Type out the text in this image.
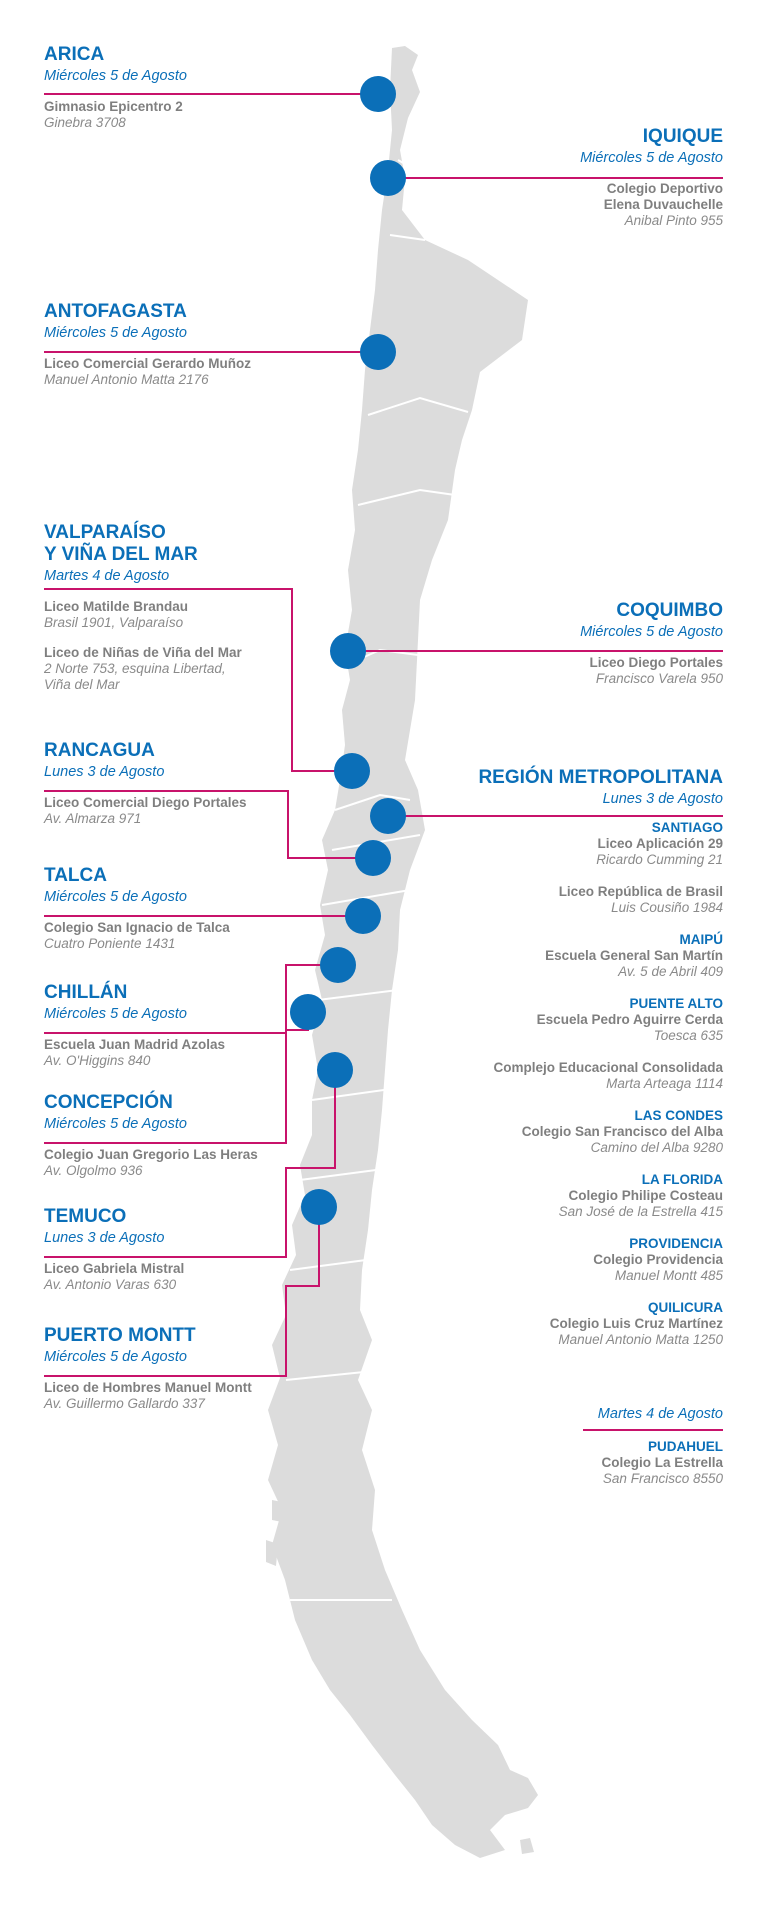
ARICA
Miércoles 5 de Agosto
Gimnasio Epicentro 2
Ginebra 3708
IQUIQUE
Miércoles 5 de Agosto
Colegio Deportivo
Elena Duvauchelle
Anibal Pinto 955
ANTOFAGASTA
Miércoles 5 de Agosto
Liceo Comercial Gerardo Muñoz
Manuel Antonio Matta 2176
VALPARAÍSO
Y VIÑA DEL MAR
Martes 4 de Agosto
Liceo Matilde Brandau
Brasil 1901, Valparaíso
Liceo de Niñas de Viña del Mar
2 Norte 753, esquina Libertad,
Viña del Mar
COQUIMBO
Miércoles 5 de Agosto
Liceo Diego Portales
Francisco Varela 950
RANCAGUA
Lunes 3 de Agosto
Liceo Comercial Diego Portales
Av. Almarza 971
TALCA
Miércoles 5 de Agosto
Colegio San Ignacio de Talca
Cuatro Poniente 1431
CHILLÁN
Miércoles 5 de Agosto
Escuela Juan Madrid Azolas
Av. O'Higgins 840
CONCEPCIÓN
Miércoles 5 de Agosto
Colegio Juan Gregorio Las Heras
Av. Olgolmo 936
TEMUCO
Lunes 3 de Agosto
Liceo Gabriela Mistral
Av. Antonio Varas 630
PUERTO MONTT
Miércoles 5 de Agosto
Liceo de Hombres Manuel Montt
Av. Guillermo Gallardo 337
REGIÓN METROPOLITANA
Lunes 3 de Agosto
SANTIAGO
Liceo Aplicación 29
Ricardo Cumming 21
Liceo República de Brasil
Luis Cousiño 1984
MAIPÚ
Escuela General San Martín
Av. 5 de Abril 409
PUENTE ALTO
Escuela Pedro Aguirre Cerda
Toesca 635
Complejo Educacional Consolidada
Marta Arteaga 1114
LAS CONDES
Colegio San Francisco del Alba
Camino del Alba 9280
LA FLORIDA
Colegio Philipe Costeau
San José de la Estrella 415
PROVIDENCIA
Colegio Providencia
Manuel Montt 485
QUILICURA
Colegio Luis Cruz Martínez
Manuel Antonio Matta 1250
Martes 4 de Agosto
PUDAHUEL
Colegio La Estrella
San Francisco 8550
